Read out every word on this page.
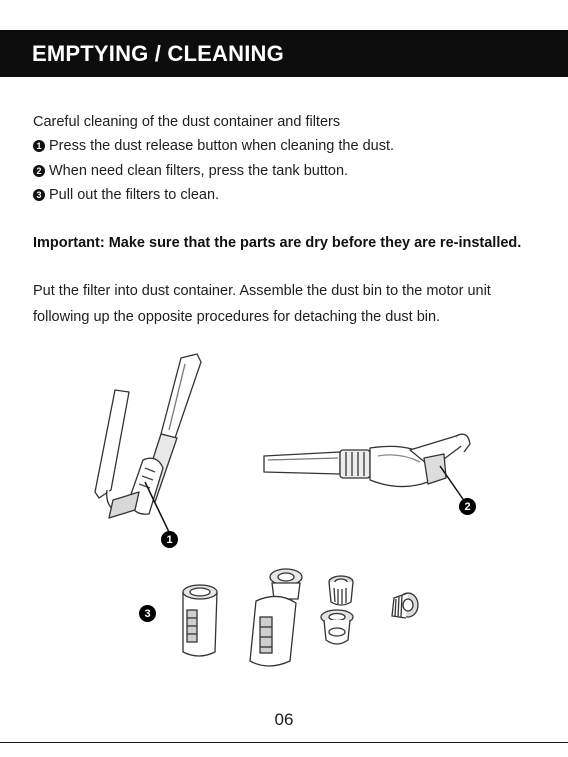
EMPTYING / CLEANING
Careful cleaning of the dust container and filters
1 Press the dust release button when cleaning the dust.
2 When need clean filters, press the tank button.
3 Pull out the filters to clean.
Important: Make sure that the parts are dry before they are re-installed.
Put the filter into dust container. Assemble the dust bin to the motor unit
following up the opposite procedures for detaching the dust bin.
1
2
3
06
